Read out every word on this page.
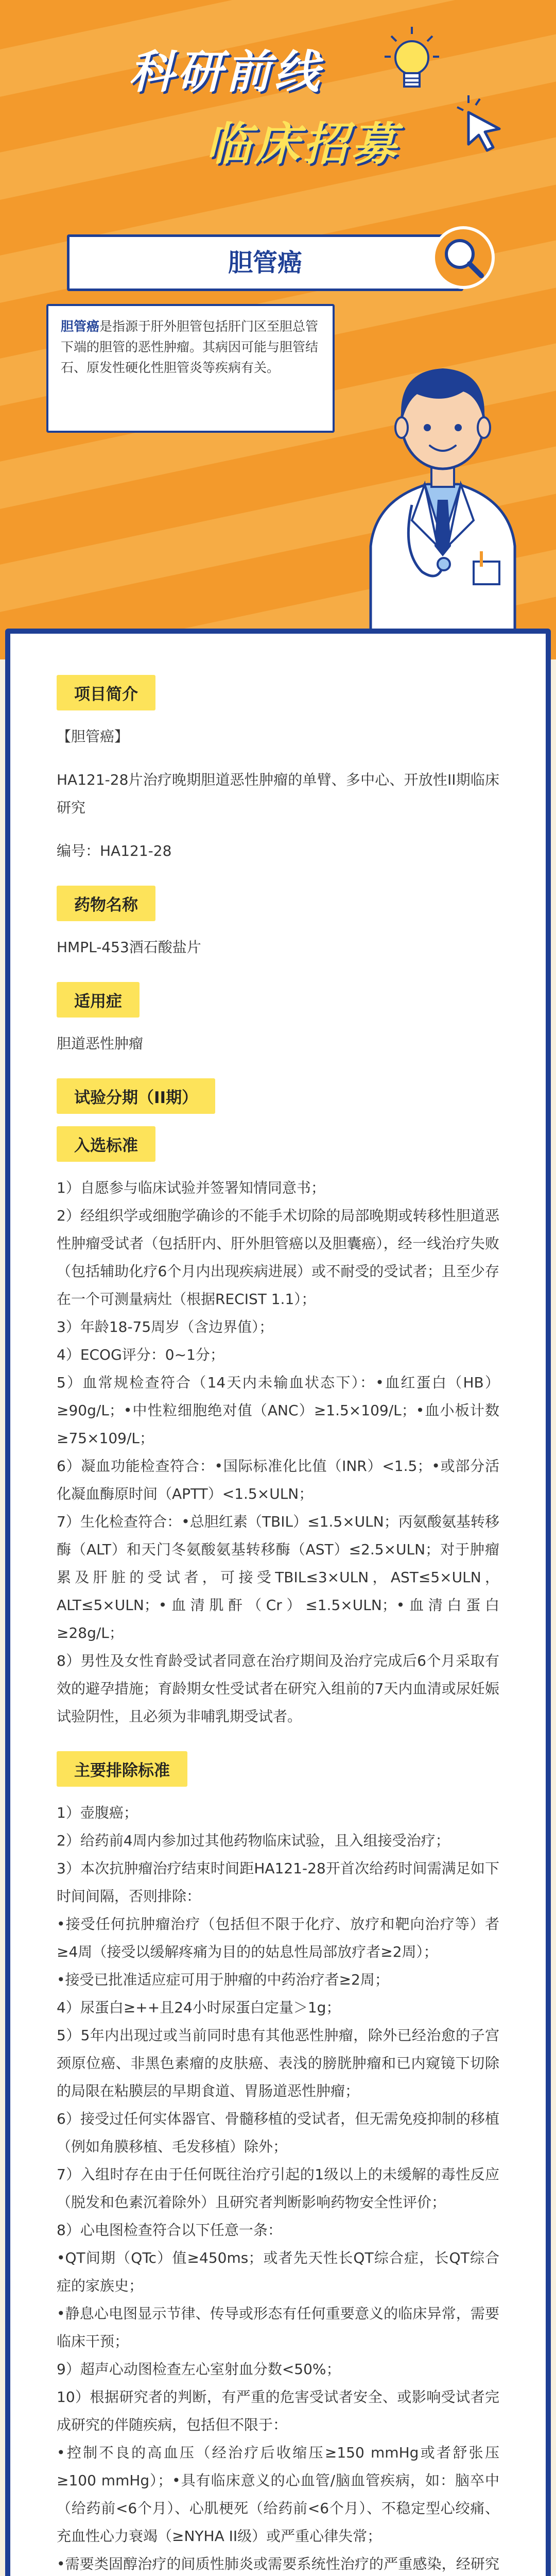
科研前线
临床招募
胆管癌
胆管癌是指源于肝外胆管包括肝门区至胆总管下端的胆管的恶性肿瘤。其病因可能与胆管结石、原发性硬化性胆管炎等疾病有关。
项目简介

【胆管癌】

HA121-28片治疗晚期胆道恶性肿瘤的单臂、多中心、开放性II期临床 研究

编号：HA121-28

药物名称

HMPL-453酒石酸盐片

适用症

胆道恶性肿瘤

试验分期（II期）
入选标准

1）自愿参与临床试验并签署知情同意书；

2）经组织学或细胞学确诊的不能手术切除的局部晚期或转移性胆道恶性肿瘤受试者（包括肝内、肝外胆管癌以及胆囊癌），经一线治疗失败（包括辅助化疗6个月内出现疾病进展）或不耐受的受试者；且至少存在一个可测量病灶（根据RECIST 1.1）；

3）年龄18-75周岁（含边界值）；

4）ECOG评分：0~1分；

5）血常规检查符合（14天内未输血状态下）：•血红蛋白（HB）≥90g/L；•中性粒细胞绝对值（ANC）≥1.5×109/L；•血小板计数≥75×109/L；

6）凝血功能检查符合：•国际标准化比值（INR）<1.5；•或部分活化凝血酶原时间（APTT）<1.5×ULN；

7）生化检查符合：•总胆红素（TBIL）≤1.5×ULN；丙氨酸氨基转移酶（ALT）和天门冬氨酸氨基转移酶（AST）≤2.5×ULN；对于肿瘤累及肝脏的受试者，可接受TBIL≤3×ULN，AST≤5×ULN，ALT≤5×ULN；•血清肌酐（Cr）≤1.5×ULN；•血清白蛋白≥28g/L；

8）男性及女性育龄受试者同意在治疗期间及治疗完成后6个月采取有效的避孕措施；育龄期女性受试者在研究入组前的7天内血清或尿妊娠试验阴性，且必须为非哺乳期受试者。

主要排除标准

1）壶腹癌；

2）给药前4周内参加过其他药物临床试验，且入组接受治疗；

3）本次抗肿瘤治疗结束时间距HA121-28开首次给药时间需满足如下时间间隔，否则排除：

•接受任何抗肿瘤治疗（包括但不限于化疗、放疗和靶向治疗等）者≥4周（接受以缓解疼痛为目的的姑息性局部放疗者≥2周）；

•接受已批准适应症可用于肿瘤的中药治疗者≥2周；

4）尿蛋白≥++且24小时尿蛋白定量＞1g；

5）5年内出现过或当前同时患有其他恶性肿瘤，除外已经治愈的子宫颈原位癌、非黑色素瘤的皮肤癌、表浅的膀胱肿瘤和已内窥镜下切除的局限在粘膜层的早期食道、胃肠道恶性肿瘤；

6）接受过任何实体器官、骨髓移植的受试者，但无需免疫抑制的移植（例如角膜移植、毛发移植）除外；

7）入组时存在由于任何既往治疗引起的1级以上的未缓解的毒性反应（脱发和色素沉着除外）且研究者判断影响药物安全性评价；

8）心电图检查符合以下任意一条：

•QT间期（QTc）值≥450ms；或者先天性长QT综合症，长QT综合症的家族史；

•静息心电图显示节律、传导或形态有任何重要意义的临床异常，需要临床干预；

9）超声心动图检查左心室射血分数<50%；

10）根据研究者的判断，有严重的危害受试者安全、或影响受试者完成研究的伴随疾病，包括但不限于：

•控制不良的高血压（经治疗后收缩压≥150 mmHg或者舒张压≥100 mmHg）；•具有临床意义的心血管/脑血管疾病，如：脑卒中（给药前<6个月）、心肌梗死（给药前<6个月）、不稳定型心绞痛、充血性心力衰竭（≥NYHA II级）或严重心律失常；

•需要类固醇治疗的间质性肺炎或需要系统性治疗的严重感染，经研究
